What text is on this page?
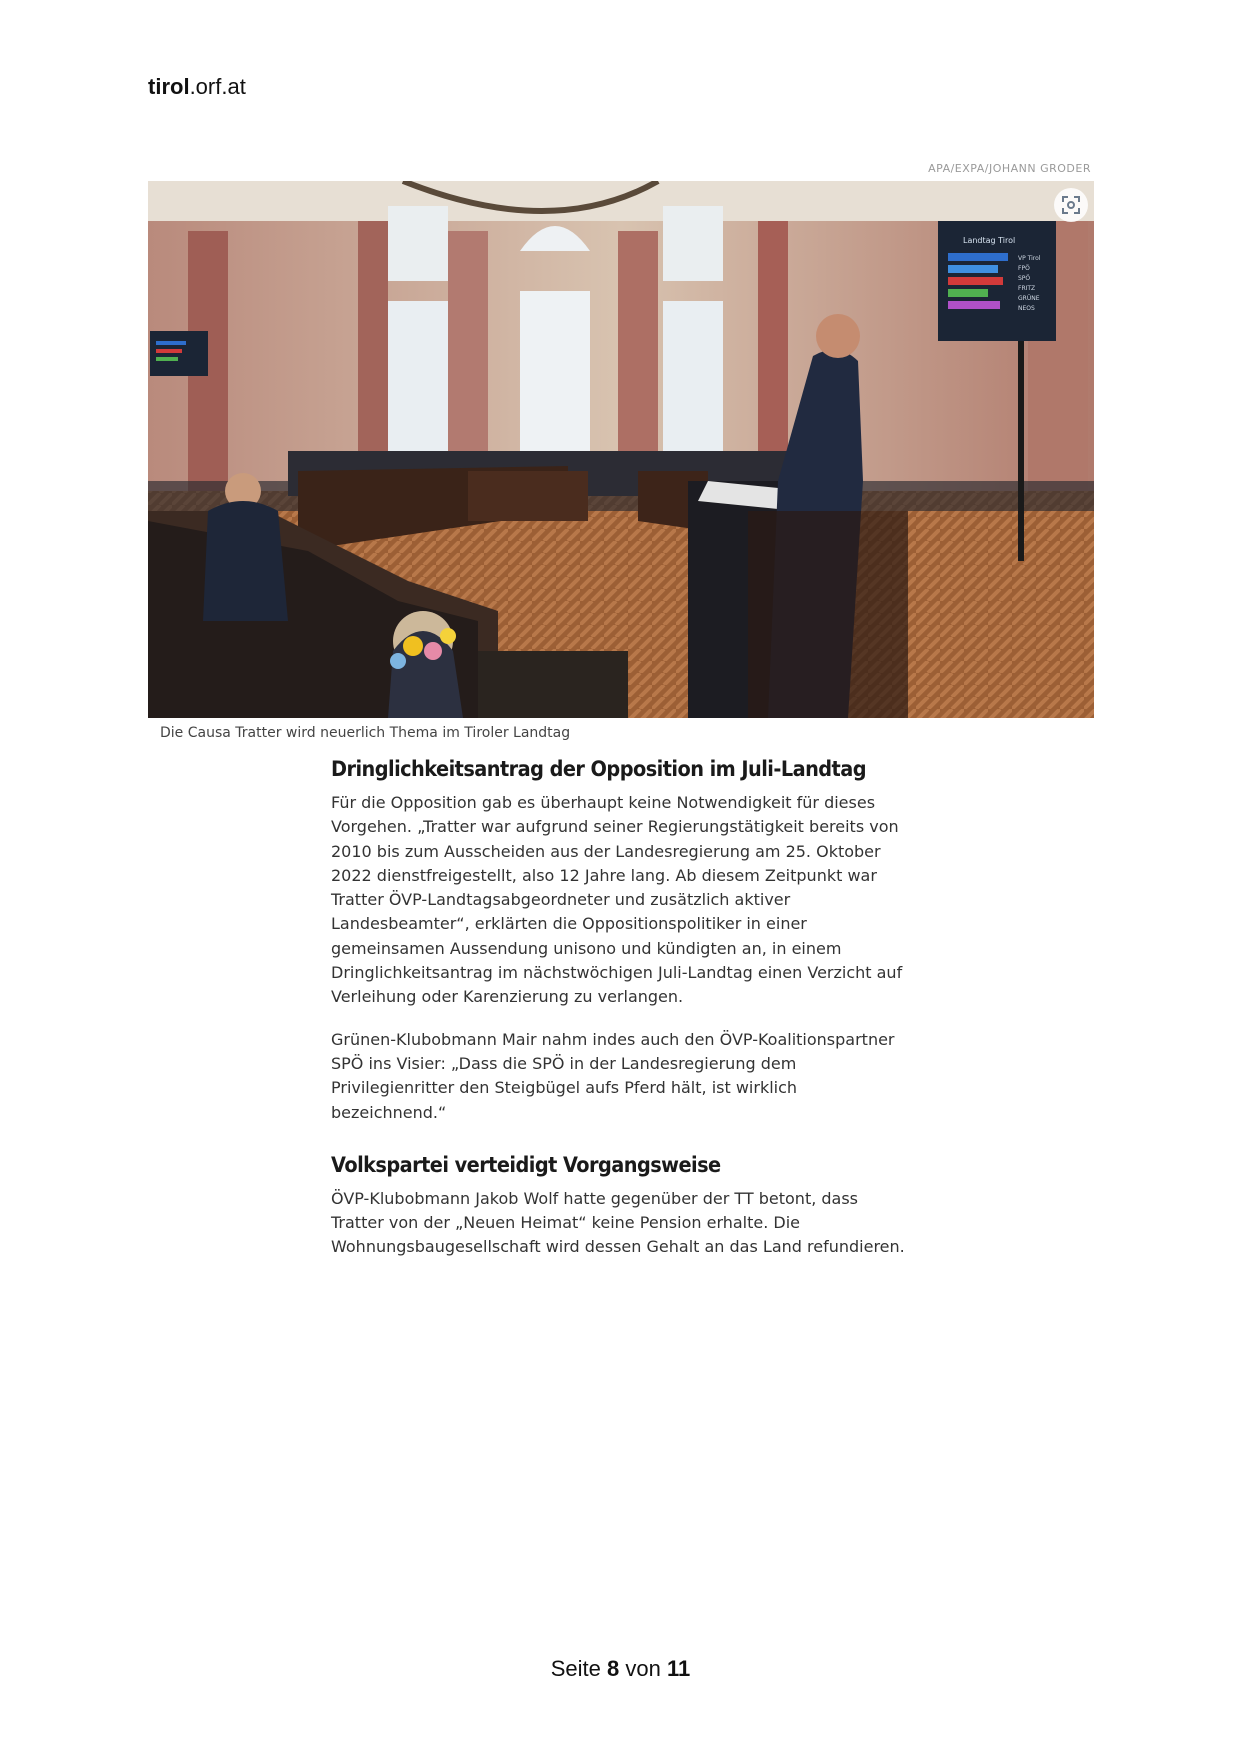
tirol.orf.at
APA/EXPA/JOHANN GRODER
Landtag Tirol
VP Tirol
FPÖ
SPÖ
FRITZ
GRÜNE
NEOS
Die Causa Tratter wird neuerlich Thema im Tiroler Landtag
Dringlichkeitsantrag der Opposition im Juli-Landtag

Für die Opposition gab es überhaupt keine Notwendigkeit für dieses Vorgehen. „Tratter war aufgrund seiner Regierungstätigkeit bereits von 2010 bis zum Ausscheiden aus der Landesregierung am 25. Oktober 2022 dienstfreigestellt, also 12 Jahre lang. Ab diesem Zeitpunkt war Tratter ÖVP-Landtagsabgeordneter und zusätzlich aktiver Landesbeamter“, erklärten die Oppositionspolitiker in einer gemeinsamen Aussendung unisono und kündigten an, in einem Dringlichkeitsantrag im nächstwöchigen Juli-Landtag einen Verzicht auf Verleihung oder Karenzierung zu verlangen.

Grünen-Klubobmann Mair nahm indes auch den ÖVP-Koalitionspartner SPÖ ins Visier: „Dass die SPÖ in der Landesregierung dem Privilegienritter den Steigbügel aufs Pferd hält, ist wirklich bezeichnend.“

Volkspartei verteidigt Vorgangsweise

ÖVP-Klubobmann Jakob Wolf hatte gegenüber der TT betont, dass Tratter von der „Neuen Heimat“ keine Pension erhalte. Die Wohnungsbaugesellschaft wird dessen Gehalt an das Land refundieren.

Seite 8 von 11
